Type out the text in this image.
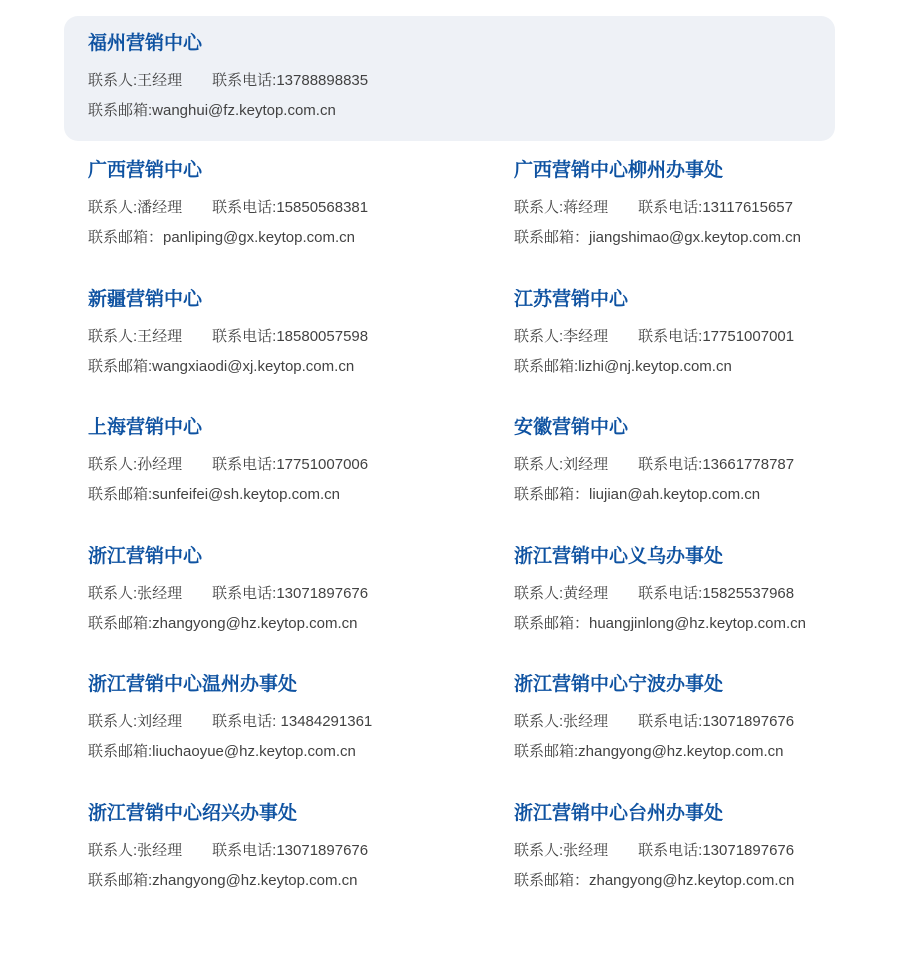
福州营销中心

联系人:王经理 联系电话:13788898835

联系邮箱:wanghui@fz.keytop.com.cn

广西营销中心

联系人:潘经理 联系电话:15850568381

联系邮箱：panliping@gx.keytop.com.cn

广西营销中心柳州办事处

联系人:蒋经理 联系电话:13117615657

联系邮箱：jiangshimao@gx.keytop.com.cn

新疆营销中心

联系人:王经理 联系电话:18580057598

联系邮箱:wangxiaodi@xj.keytop.com.cn

江苏营销中心

联系人:李经理 联系电话:17751007001

联系邮箱:lizhi@nj.keytop.com.cn

上海营销中心

联系人:孙经理 联系电话:17751007006

联系邮箱:sunfeifei@sh.keytop.com.cn

安徽营销中心

联系人:刘经理 联系电话:13661778787

联系邮箱：liujian@ah.keytop.com.cn

浙江营销中心

联系人:张经理 联系电话:13071897676

联系邮箱:zhangyong@hz.keytop.com.cn

浙江营销中心义乌办事处

联系人:黄经理 联系电话:15825537968

联系邮箱：huangjinlong@hz.keytop.com.cn

浙江营销中心温州办事处

联系人:刘经理 联系电话: 13484291361

联系邮箱:liuchaoyue@hz.keytop.com.cn

浙江营销中心宁波办事处

联系人:张经理 联系电话:13071897676

联系邮箱:zhangyong@hz.keytop.com.cn

浙江营销中心绍兴办事处

联系人:张经理 联系电话:13071897676

联系邮箱:zhangyong@hz.keytop.com.cn

浙江营销中心台州办事处

联系人:张经理 联系电话:13071897676

联系邮箱：zhangyong@hz.keytop.com.cn
